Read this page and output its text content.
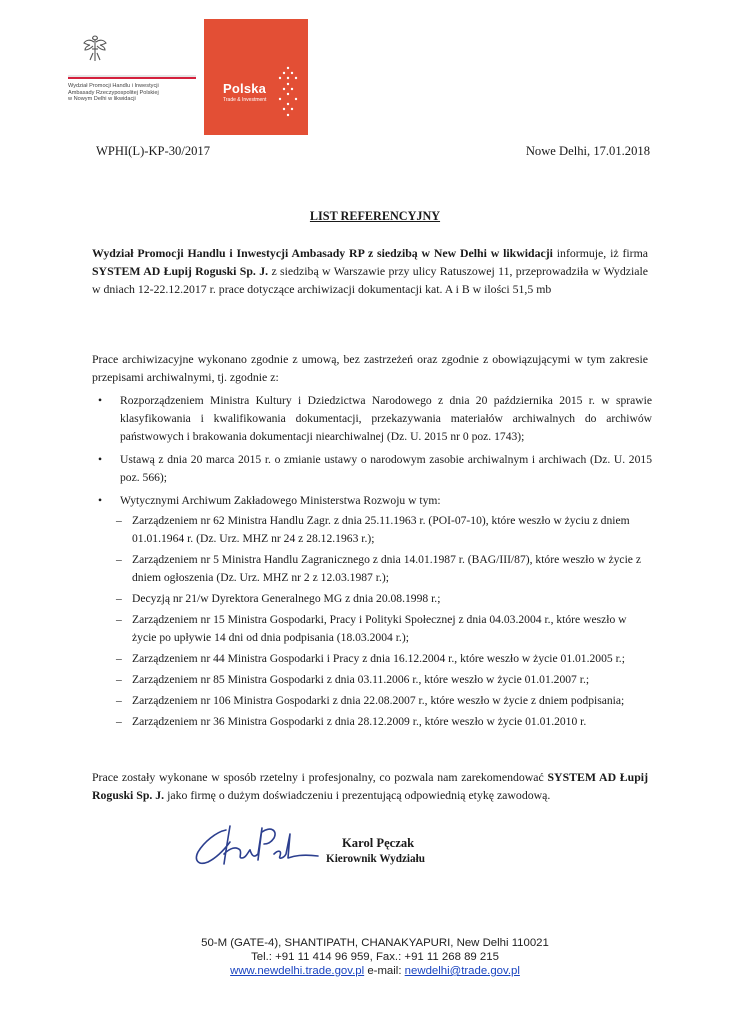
Wydział Promocji Handlu i Inwestycji
Ambasady Rzeczypospolitej Polskiej
w Nowym Delhi w likwidacji
Polska
Trade & Investment
WPHI(L)-KP-30/2017	Nowe Delhi, 17.01.2018
LIST REFERENCYJNY
Wydział Promocji Handlu i Inwestycji Ambasady RP z siedzibą w New Delhi w likwidacji informuje, iż firma SYSTEM AD Łupij Roguski Sp. J. z siedzibą w Warszawie przy ulicy Ratuszowej 11, przeprowadziła w Wydziale w dniach 12-22.12.2017 r. prace dotyczące archiwizacji dokumentacji kat. A i B w ilości 51,5 mb
Prace archiwizacyjne wykonano zgodnie z umową, bez zastrzeżeń oraz zgodnie z obowiązującymi w tym zakresie przepisami archiwalnymi, tj. zgodnie z:
• Rozporządzeniem Ministra Kultury i Dziedzictwa Narodowego z dnia 20 października 2015 r. w sprawie klasyfikowania i kwalifikowania dokumentacji, przekazywania materiałów archiwalnych do archiwów państwowych i brakowania dokumentacji niearchiwalnej (Dz. U. 2015 nr 0 poz. 1743);
• Ustawą z dnia 20 marca 2015 r. o zmianie ustawy o narodowym zasobie archiwalnym i archiwach (Dz. U. 2015 poz. 566);
• Wytycznymi Archiwum Zakładowego Ministerstwa Rozwoju w tym:
– Zarządzeniem nr 62 Ministra Handlu Zagr. z dnia 25.11.1963 r. (POI-07-10), które weszło w życiu z dniem 01.01.1964 r. (Dz. Urz. MHZ nr 24 z 28.12.1963 r.);
– Zarządzeniem nr 5 Ministra Handlu Zagranicznego z dnia 14.01.1987 r. (BAG/III/87), które weszło w życie z dniem ogłoszenia (Dz. Urz. MHZ nr 2 z 12.03.1987 r.);
– Decyzją nr 21/w Dyrektora Generalnego MG z dnia 20.08.1998 r.;
– Zarządzeniem nr 15 Ministra Gospodarki, Pracy i Polityki Społecznej z dnia 04.03.2004 r., które weszło w życie po upływie 14 dni od dnia podpisania (18.03.2004 r.);
– Zarządzeniem nr 44 Ministra Gospodarki i Pracy z dnia 16.12.2004 r., które weszło w życie 01.01.2005 r.;
– Zarządzeniem nr 85 Ministra Gospodarki z dnia 03.11.2006 r., które weszło w życie 01.01.2007 r.;
– Zarządzeniem nr 106 Ministra Gospodarki z dnia 22.08.2007 r., które weszło w życie z dniem podpisania;
– Zarządzeniem nr 36 Ministra Gospodarki z dnia 28.12.2009 r., które weszło w życie 01.01.2010 r.
Prace zostały wykonane w sposób rzetelny i profesjonalny, co pozwala nam zarekomendować SYSTEM AD Łupij Roguski Sp. J. jako firmę o dużym doświadczeniu i prezentującą odpowiednią etykę zawodową.
Karol Pęczak
Kierownik Wydziału
50-M (GATE-4), SHANTIPATH, CHANAKYAPURI, New Delhi 110021
Tel.: +91 11 414 96 959, Fax.: +91 11 268 89 215
www.newdelhi.trade.gov.pl e-mail: newdelhi@trade.gov.pl
